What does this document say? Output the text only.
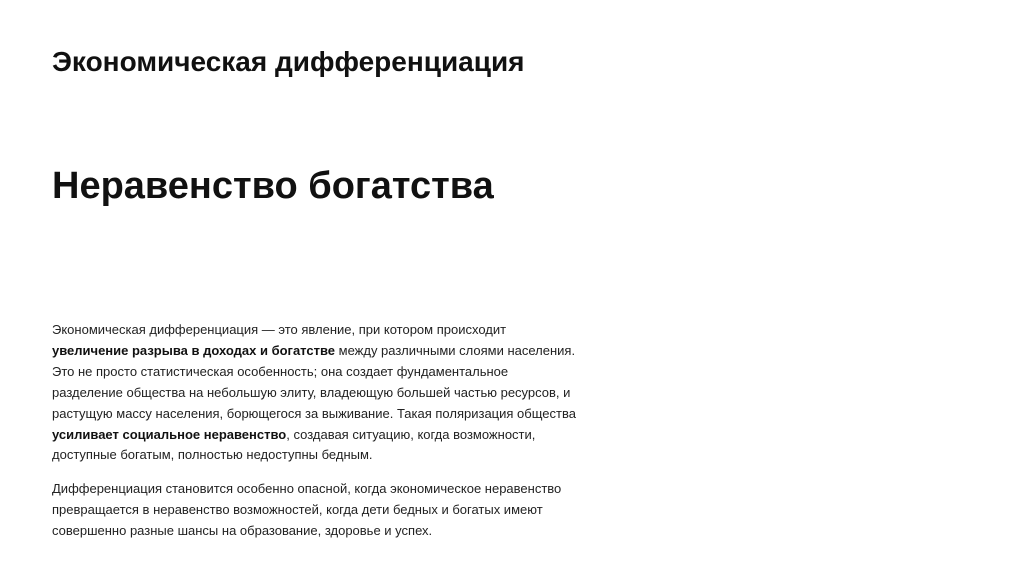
Экономическая дифференциация
Неравенство богатства

Экономическая дифференциация — это явление, при котором происходит увеличение разрыва в доходах и богатстве между различными слоями населения. Это не просто статистическая особенность; она создает фундаментальное разделение общества на небольшую элиту, владеющую большей частью ресурсов, и растущую массу населения, борющегося за выживание. Такая поляризация общества усиливает социальное неравенство, создавая ситуацию, когда возможности, доступные богатым, полностью недоступны бедным.

Дифференциация становится особенно опасной, когда экономическое неравенство превращается в неравенство возможностей, когда дети бедных и богатых имеют совершенно разные шансы на образование, здоровье и успех.
